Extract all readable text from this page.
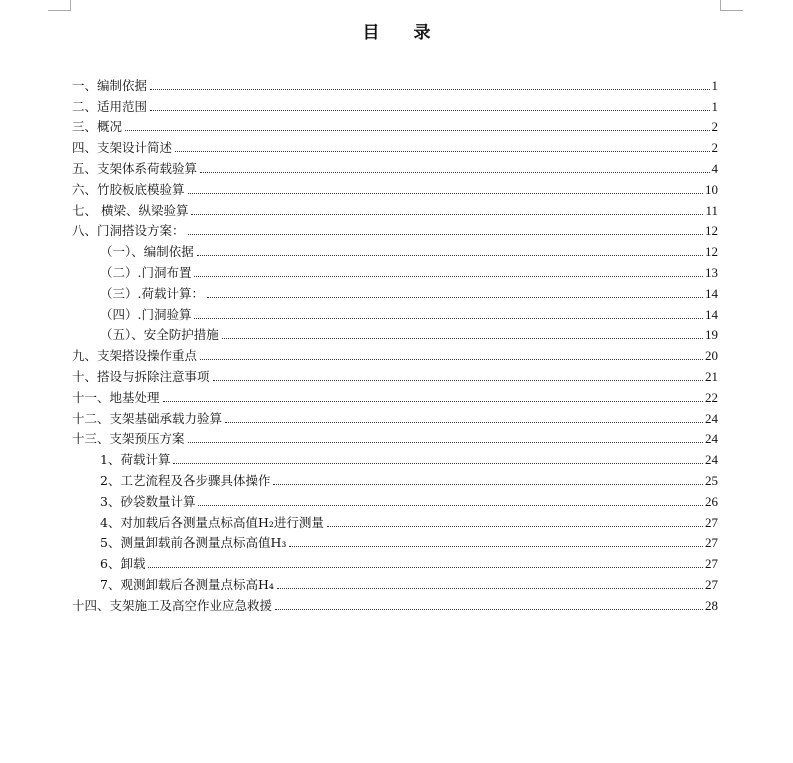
目 录
一、编制依据	1
二、适用范围	1
三、概况	2
四、支架设计简述	2
五、支架体系荷载验算	4
六、竹胶板底模验算	10
七、 横梁、纵梁验算	11
八、门洞搭设方案：	12
（一）、编制依据	12
（二）.门洞布置	13
（三）.荷载计算：	14
（四）.门洞验算	14
（五）、安全防护措施	19
九、支架搭设操作重点	20
十、搭设与拆除注意事项	21
十一、地基处理	22
十二、支架基础承载力验算	24
十三、支架预压方案	24
1、荷载计算	24
2、工艺流程及各步骤具体操作	25
3、砂袋数量计算	26
4、对加载后各测量点标高值H₂进行测量	27
5、测量卸载前各测量点标高值H₃	27
6、卸载	27
7、观测卸载后各测量点标高H₄	27
十四、支架施工及高空作业应急救援	28
